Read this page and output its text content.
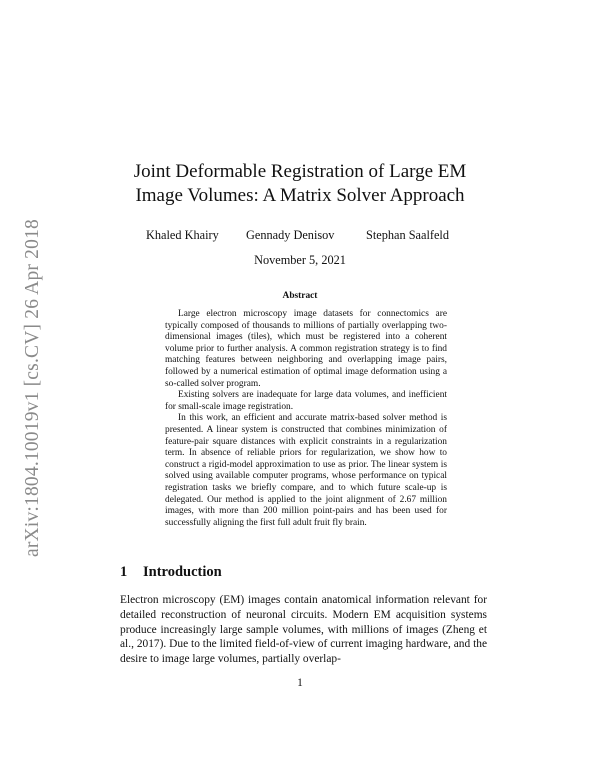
arXiv:1804.10019v1 [cs.CV] 26 Apr 2018
Joint Deformable Registration of Large EM
Image Volumes: A Matrix Solver Approach
Khaled Khairy Gennady Denisov	Stephan Saalfeld
November 5, 2021
Abstract

Large electron microscopy image datasets for connectomics are typically composed of thousands to millions of partially overlapping two-dimensional images (tiles), which must be registered into a coherent volume prior to further analysis. A common registration strategy is to find matching features between neighboring and overlapping image pairs, followed by a numerical estimation of optimal image deformation using a so-called solver program.

Existing solvers are inadequate for large data volumes, and inefficient for small-scale image registration.

In this work, an efficient and accurate matrix-based solver method is presented. A linear system is constructed that combines minimization of feature-pair square distances with explicit constraints in a regularization term. In absence of reliable priors for regularization, we show how to construct a rigid-model approximation to use as prior. The linear system is solved using available computer programs, whose performance on typical registration tasks we briefly compare, and to which future scale-up is delegated. Our method is applied to the joint alignment of 2.67 million images, with more than 200 million point-pairs and has been used for successfully aligning the first full adult fruit fly brain.

1 Introduction

Electron microscopy (EM) images contain anatomical information relevant for detailed reconstruction of neuronal circuits. Modern EM acquisition systems produce increasingly large sample volumes, with millions of images (Zheng et al., 2017). Due to the limited field-of-view of current imaging hardware, and the desire to image large volumes, partially overlap-

1
